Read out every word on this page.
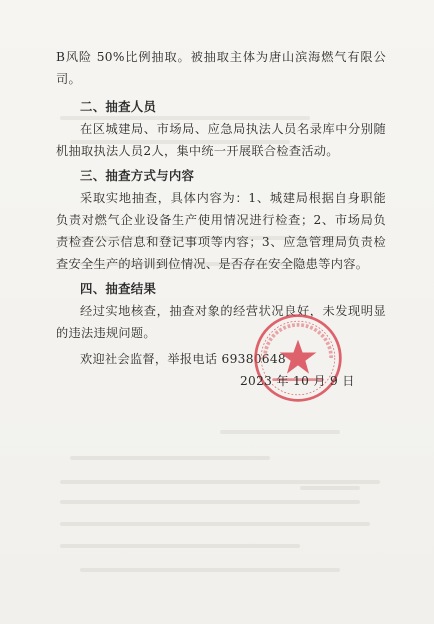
B风险 50%比例抽取。被抽取主体为唐山滨海燃气有限公司。

二、抽查人员

在区城建局、市场局、应急局执法人员名录库中分别随机抽取执法人员2人，集中统一开展联合检查活动。

三、抽查方式与内容

采取实地抽查，具体内容为：1、城建局根据自身职能负责对燃气企业设备生产使用情况进行检查；2、市场局负责检查公示信息和登记事项等内容；3、应急管理局负责检查安全生产的培训到位情况、是否存在安全隐患等内容。

四、抽查结果

经过实地核查，抽查对象的经营状况良好，未发现明显的违法违规问题。

欢迎社会监督，举报电话 69380648

2023 年 10 月 9 日
